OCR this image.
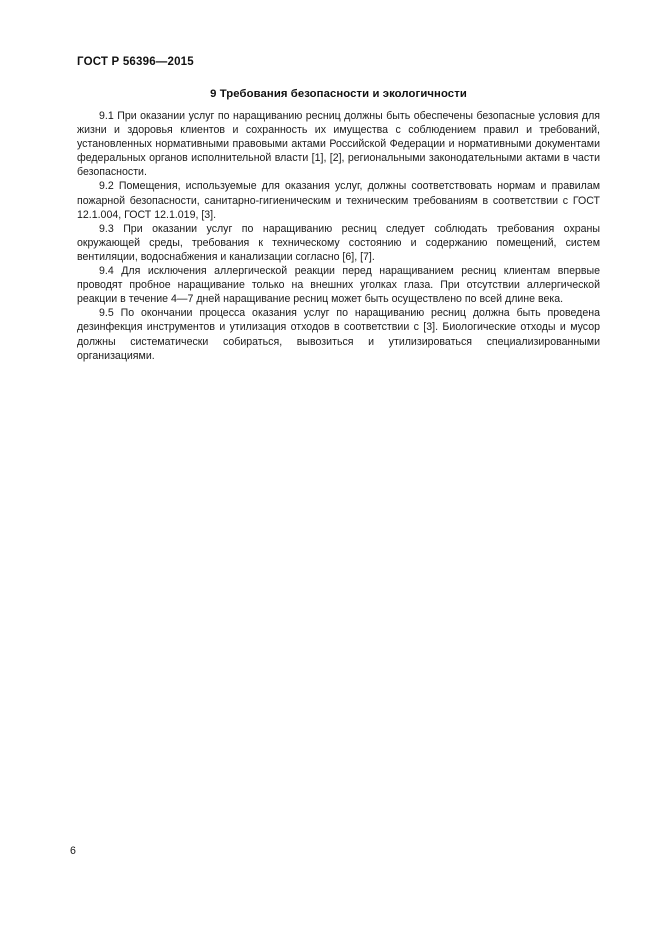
ГОСТ Р 56396—2015
9 Требования безопасности и экологичности

9.1 При оказании услуг по наращиванию ресниц должны быть обеспечены безопасные условия для жизни и здоровья клиентов и сохранность их имущества с соблюдением правил и требований, установленных нормативными правовыми актами Российской Федерации и нормативными документами федеральных органов исполнительной власти [1], [2], региональными законодательными актами в части безопасности.

9.2 Помещения, используемые для оказания услуг, должны соответствовать нормам и правилам пожарной безопасности, санитарно-гигиеническим и техническим требованиям в соответствии с ГОСТ 12.1.004, ГОСТ 12.1.019, [3].

9.3 При оказании услуг по наращиванию ресниц следует соблюдать требования охраны окружающей среды, требования к техническому состоянию и содержанию помещений, систем вентиляции, водоснабжения и канализации согласно [6], [7].

9.4 Для исключения аллергической реакции перед наращиванием ресниц клиентам впервые проводят пробное наращивание только на внешних уголках глаза. При отсутствии аллергической реакции в течение 4—7 дней наращивание ресниц может быть осуществлено по всей длине века.

9.5 По окончании процесса оказания услуг по наращиванию ресниц должна быть проведена дезинфекция инструментов и утилизация отходов в соответствии с [3]. Биологические отходы и мусор должны систематически собираться, вывозиться и утилизироваться специализированными организациями.

6
